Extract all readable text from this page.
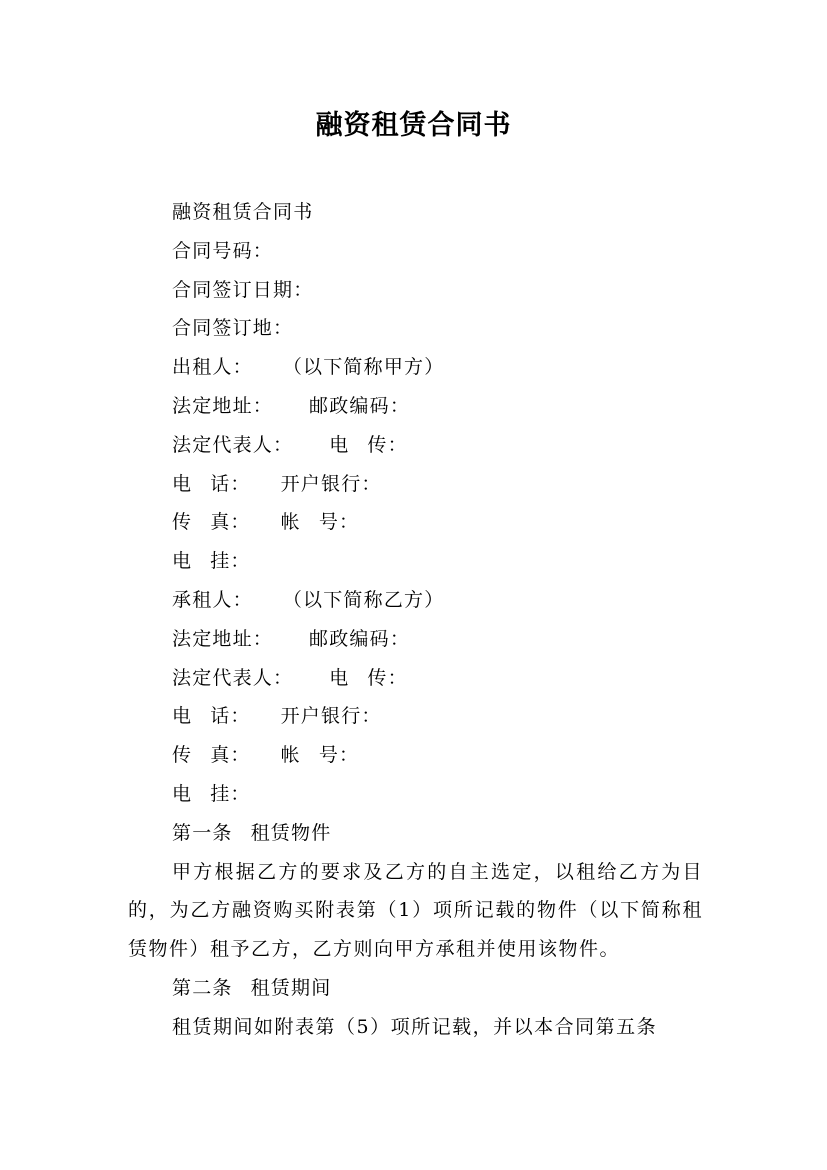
融资租赁合同书
融资租赁合同书
合同号码：
合同签订日期：
合同签订地：
出租人： （以下简称甲方）
法定地址： 邮政编码：
法定代表人： 电 传：
电 话： 开户银行：
传 真： 帐 号：
电 挂：
承租人： （以下简称乙方）
法定地址： 邮政编码：
法定代表人： 电 传：
电 话： 开户银行：
传 真： 帐 号：
电 挂：
第一条 租赁物件
甲方根据乙方的要求及乙方的自主选定，以租给乙方为目的，为乙方融资购买附表第（1）项所记载的物件（以下简称租赁物件）租予乙方，乙方则向甲方承租并使用该物件。
第二条 租赁期间
租赁期间如附表第（5）项所记载，并以本合同第五条
